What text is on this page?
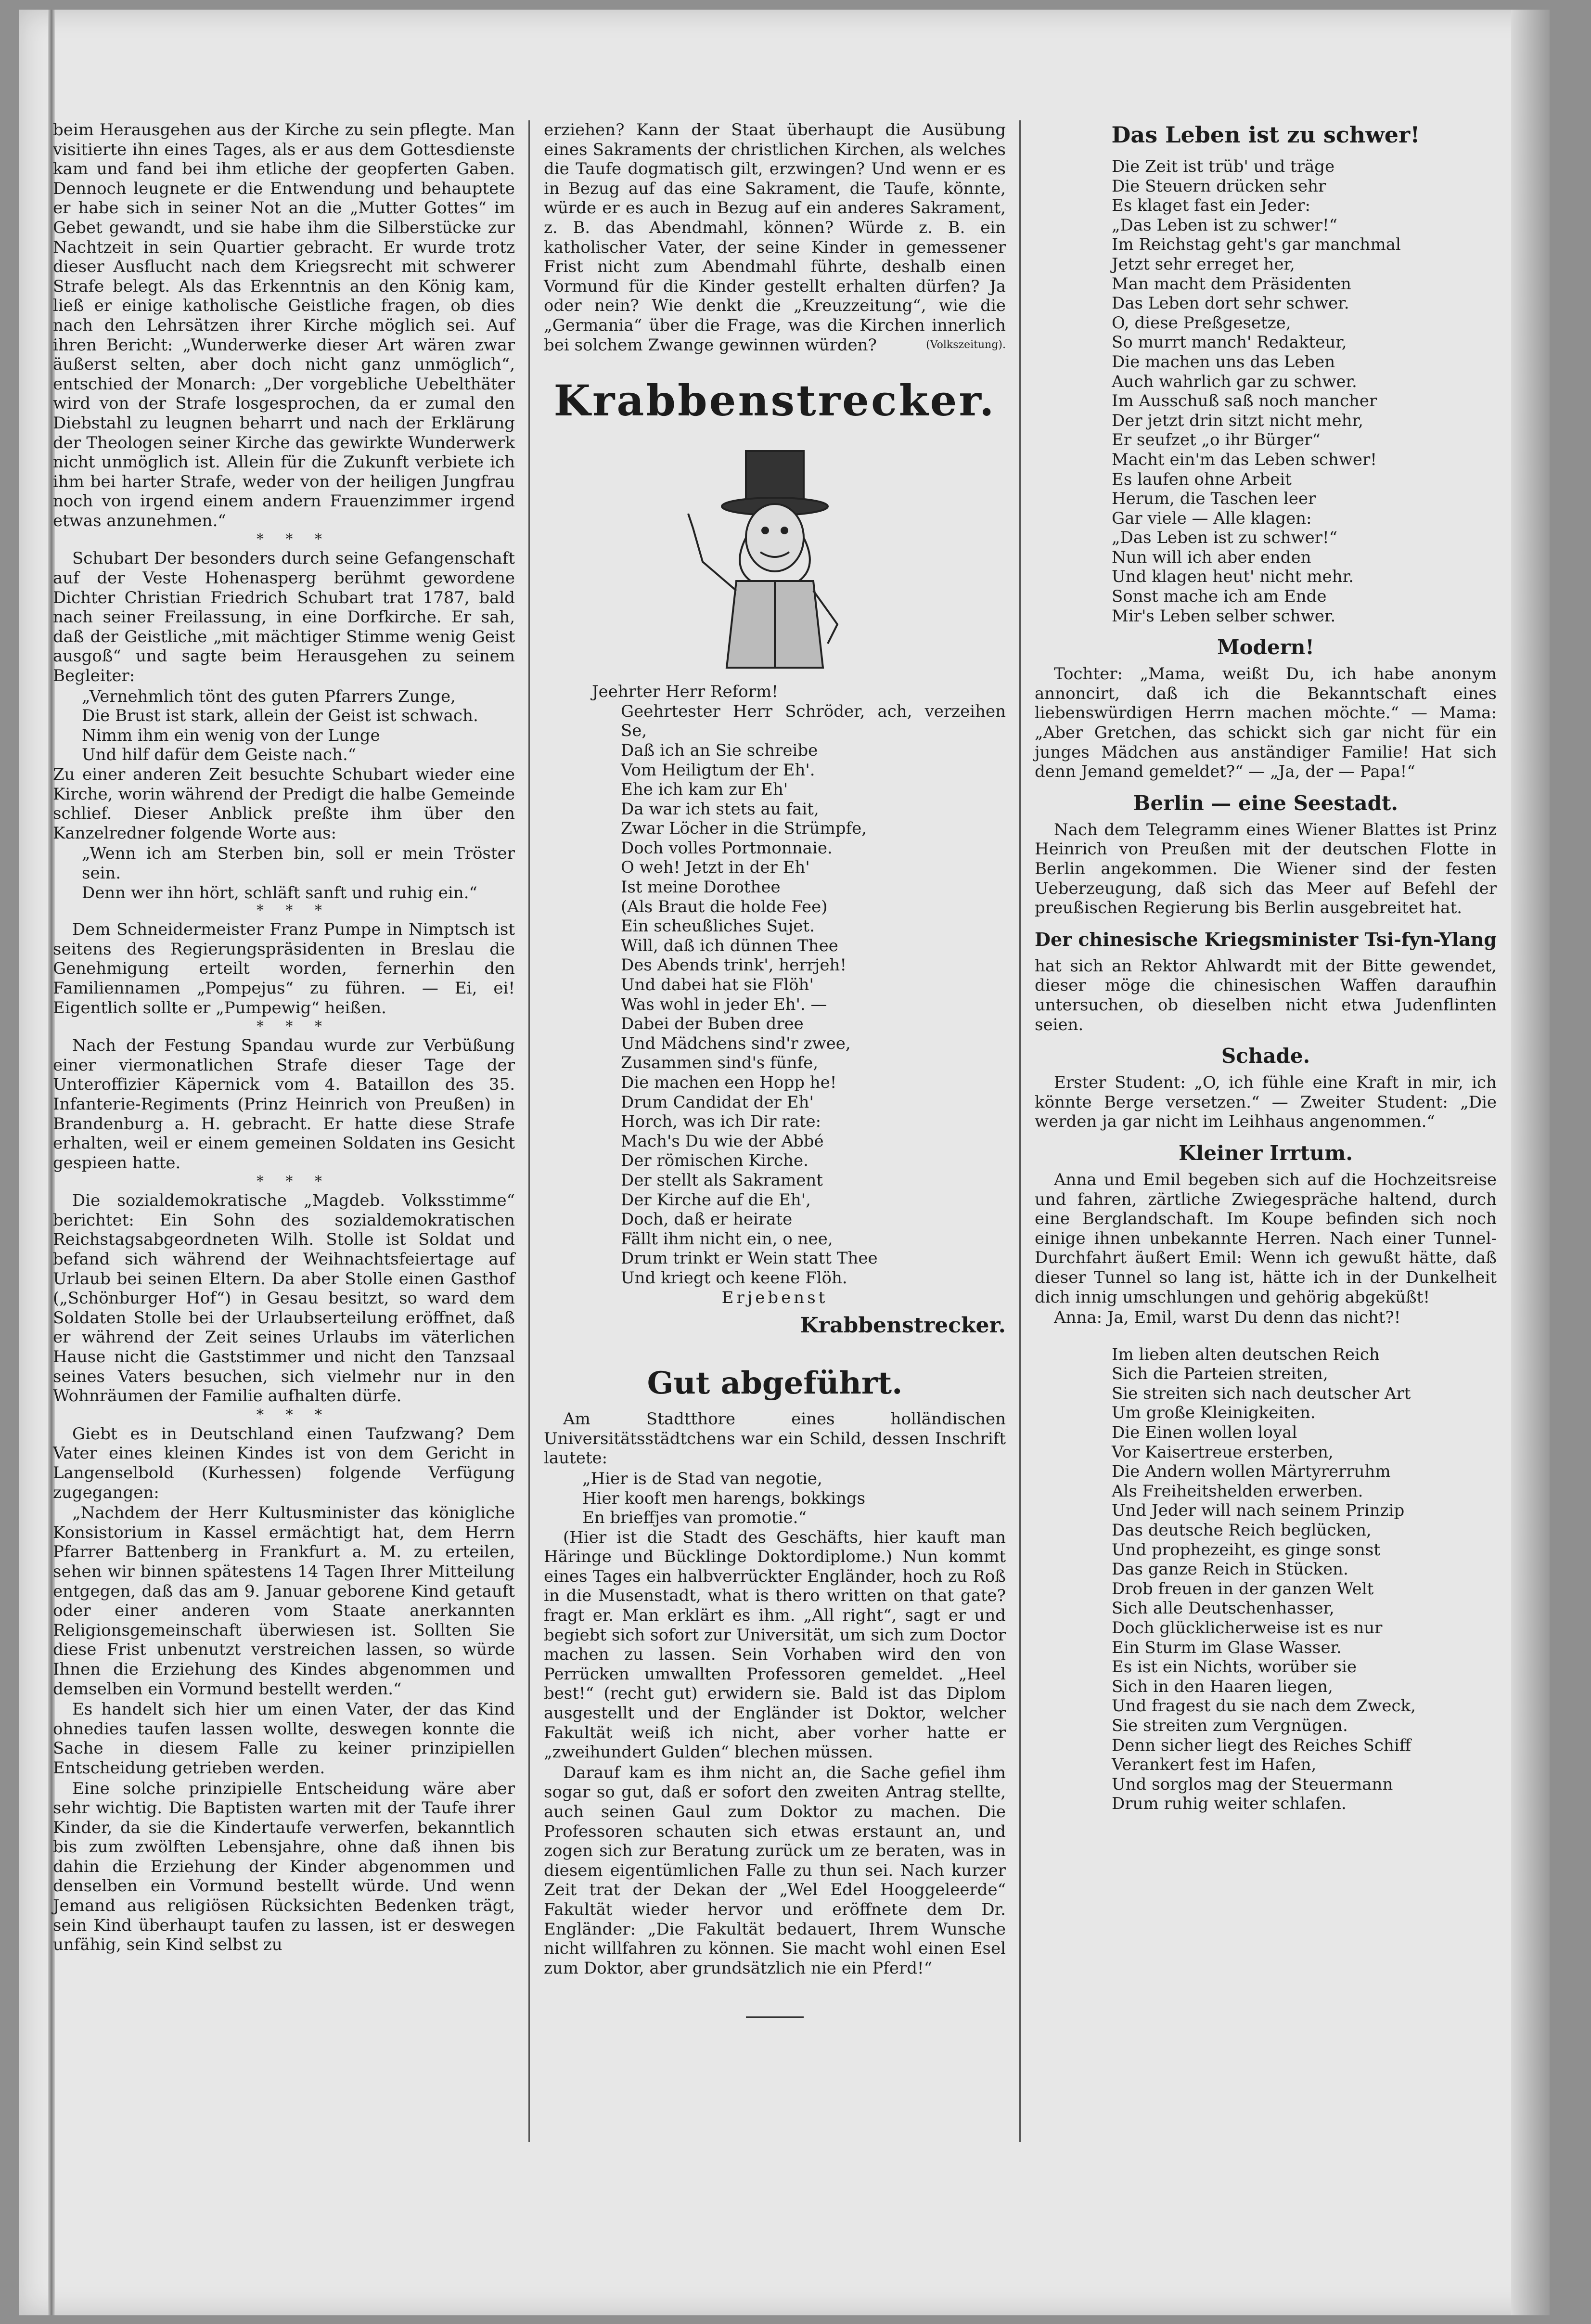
beim Herausgehen aus der Kirche zu sein pflegte. Man visitierte ihn eines Tages, als er aus dem Gottesdienste kam und fand bei ihm etliche der geopferten Gaben. Dennoch leugnete er die Entwendung und behauptete er habe sich in seiner Not an die „Mutter Gottes“ im Gebet gewandt, und sie habe ihm die Silberstücke zur Nachtzeit in sein Quartier gebracht. Er wurde trotz dieser Ausflucht nach dem Kriegsrecht mit schwerer Strafe belegt. Als das Erkenntnis an den König kam, ließ er einige katholische Geistliche fragen, ob dies nach den Lehrsätzen ihrer Kirche möglich sei. Auf ihren Bericht: „Wunderwerke dieser Art wären zwar äußerst selten, aber doch nicht ganz unmöglich“, entschied der Monarch: „Der vorgebliche Uebelthäter wird von der Strafe losgesprochen, da er zumal den Diebstahl zu leugnen beharrt und nach der Erklärung der Theologen seiner Kirche das gewirkte Wunderwerk nicht unmöglich ist. Allein für die Zukunft verbiete ich ihm bei harter Strafe, weder von der heiligen Jungfrau noch von irgend einem andern Frauenzimmer irgend etwas anzunehmen.“

* * *

Schubart Der besonders durch seine Gefangenschaft auf der Veste Hohenasperg berühmt gewordene Dichter Christian Friedrich Schubart trat 1787, bald nach seiner Freilassung, in eine Dorfkirche. Er sah, daß der Geistliche „mit mächtiger Stimme wenig Geist ausgoß“ und sagte beim Herausgehen zu seinem Begleiter:

„Vernehmlich tönt des guten Pfarrers Zunge,
Die Brust ist stark, allein der Geist ist schwach.
Nimm ihm ein wenig von der Lunge
Und hilf dafür dem Geiste nach.“

Zu einer anderen Zeit besuchte Schubart wieder eine Kirche, worin während der Predigt die halbe Gemeinde schlief. Dieser Anblick preßte ihm über den Kanzelredner folgende Worte aus:

„Wenn ich am Sterben bin, soll er mein Tröster sein.
Denn wer ihn hört, schläft sanft und ruhig ein.“

* * *

Dem Schneidermeister Franz Pumpe in Nimptsch ist seitens des Regierungspräsidenten in Breslau die Genehmigung erteilt worden, fernerhin den Familiennamen „Pompejus“ zu führen. — Ei, ei! Eigentlich sollte er „Pumpewig“ heißen.

* * *

Nach der Festung Spandau wurde zur Verbüßung einer viermonatlichen Strafe dieser Tage der Unteroffizier Käpernick vom 4. Bataillon des 35. Infanterie-Regiments (Prinz Heinrich von Preußen) in Brandenburg a. H. gebracht. Er hatte diese Strafe erhalten, weil er einem gemeinen Soldaten ins Gesicht gespieen hatte.

* * *

Die sozialdemokratische „Magdeb. Volksstimme“ berichtet: Ein Sohn des sozialdemokratischen Reichstagsabgeordneten Wilh. Stolle ist Soldat und befand sich während der Weihnachtsfeiertage auf Urlaub bei seinen Eltern. Da aber Stolle einen Gasthof („Schönburger Hof“) in Gesau besitzt, so ward dem Soldaten Stolle bei der Urlaubserteilung eröffnet, daß er während der Zeit seines Urlaubs im väterlichen Hause nicht die Gaststimmer und nicht den Tanzsaal seines Vaters besuchen, sich vielmehr nur in den Wohnräumen der Familie aufhalten dürfe.

* * *

Giebt es in Deutschland einen Taufzwang? Dem Vater eines kleinen Kindes ist von dem Gericht in Langenselbold (Kurhessen) folgende Verfügung zugegangen:

„Nachdem der Herr Kultusminister das königliche Konsistorium in Kassel ermächtigt hat, dem Herrn Pfarrer Battenberg in Frankfurt a. M. zu erteilen, sehen wir binnen spätestens 14 Tagen Ihrer Mitteilung entgegen, daß das am 9. Januar geborene Kind getauft oder einer anderen vom Staate anerkannten Religionsgemeinschaft überwiesen ist. Sollten Sie diese Frist unbenutzt verstreichen lassen, so würde Ihnen die Erziehung des Kindes abgenommen und demselben ein Vormund bestellt werden.“

Es handelt sich hier um einen Vater, der das Kind ohnedies taufen lassen wollte, deswegen konnte die Sache in diesem Falle zu keiner prinzipiellen Entscheidung getrieben werden.

Eine solche prinzipielle Entscheidung wäre aber sehr wichtig. Die Baptisten warten mit der Taufe ihrer Kinder, da sie die Kindertaufe verwerfen, bekanntlich bis zum zwölften Lebensjahre, ohne daß ihnen bis dahin die Erziehung der Kinder abgenommen und denselben ein Vormund bestellt würde. Und wenn Jemand aus religiösen Rücksichten Bedenken trägt, sein Kind überhaupt taufen zu lassen, ist er deswegen unfähig, sein Kind selbst zu

erziehen? Kann der Staat überhaupt die Ausübung eines Sakraments der christlichen Kirchen, als welches die Taufe dogmatisch gilt, erzwingen? Und wenn er es in Bezug auf das eine Sakrament, die Taufe, könnte, würde er es auch in Bezug auf ein anderes Sakrament, z. B. das Abendmahl, können? Würde z. B. ein katholischer Vater, der seine Kinder in gemessener Frist nicht zum Abendmahl führte, deshalb einen Vormund für die Kinder gestellt erhalten dürfen? Ja oder nein? Wie denkt die „Kreuzzeitung“, wie die „Germania“ über die Frage, was die Kirchen innerlich bei solchem Zwange gewinnen würden?	(Volkszeitung).

Krabbenstrecker.
Jeehrter Herr Reform!
Geehrtester Herr Schröder, ach, verzeihen Se,
Daß ich an Sie schreibe
Vom Heiligtum der Eh'.
Ehe ich kam zur Eh'
Da war ich stets au fait,
Zwar Löcher in die Strümpfe,
Doch volles Portmonnaie.
O weh! Jetzt in der Eh'
Ist meine Dorothee
(Als Braut die holde Fee)
Ein scheußliches Sujet.
Will, daß ich dünnen Thee
Des Abends trink', herrjeh!
Und dabei hat sie Flöh'
Was wohl in jeder Eh'. —
Dabei der Buben dree
Und Mädchens sind'r zwee,
Zusammen sind's fünfe,
Die machen een Hopp he!
Drum Candidat der Eh'
Horch, was ich Dir rate:
Mach's Du wie der Abbé
Der römischen Kirche.
Der stellt als Sakrament
Der Kirche auf die Eh',
Doch, daß er heirate
Fällt ihm nicht ein, o nee,
Drum trinkt er Wein statt Thee
Und kriegt och keene Flöh.
Erjebenst
Krabbenstrecker.
Gut abgeführt.

Am Stadtthore eines holländischen Universitätsstädtchens war ein Schild, dessen Inschrift lautete:

„Hier is de Stad van negotie,
Hier kooft men harengs, bokkings
En brieffjes van promotie.“

(Hier ist die Stadt des Geschäfts, hier kauft man Häringe und Bücklinge Doktordiplome.) Nun kommt eines Tages ein halbverrückter Engländer, hoch zu Roß in die Musenstadt, what is thero written on that gate? fragt er. Man erklärt es ihm. „All right“, sagt er und begiebt sich sofort zur Universität, um sich zum Doctor machen zu lassen. Sein Vorhaben wird den von Perrücken umwallten Professoren gemeldet. „Heel best!“ (recht gut) erwidern sie. Bald ist das Diplom ausgestellt und der Engländer ist Doktor, welcher Fakultät weiß ich nicht, aber vorher hatte er „zweihundert Gulden“ blechen müssen.

Darauf kam es ihm nicht an, die Sache gefiel ihm sogar so gut, daß er sofort den zweiten Antrag stellte, auch seinen Gaul zum Doktor zu machen. Die Professoren schauten sich etwas erstaunt an, und zogen sich zur Beratung zurück um ze beraten, was in diesem eigentümlichen Falle zu thun sei. Nach kurzer Zeit trat der Dekan der „Wel Edel Hooggeleerde“ Fakultät wieder hervor und eröffnete dem Dr. Engländer: „Die Fakultät bedauert, Ihrem Wunsche nicht willfahren zu können. Sie macht wohl einen Esel zum Doktor, aber grundsätzlich nie ein Pferd!“

Das Leben ist zu schwer!
Die Zeit ist trüb' und träge
Die Steuern drücken sehr
Es klaget fast ein Jeder:
„Das Leben ist zu schwer!“
Im Reichstag geht's gar manchmal
Jetzt sehr erreget her,
Man macht dem Präsidenten
Das Leben dort sehr schwer.
O, diese Preßgesetze,
So murrt manch' Redakteur,
Die machen uns das Leben
Auch wahrlich gar zu schwer.
Im Ausschuß saß noch mancher
Der jetzt drin sitzt nicht mehr,
Er seufzet „o ihr Bürger“
Macht ein'm das Leben schwer!
Es laufen ohne Arbeit
Herum, die Taschen leer
Gar viele — Alle klagen:
„Das Leben ist zu schwer!“
Nun will ich aber enden
Und klagen heut' nicht mehr.
Sonst mache ich am Ende
Mir's Leben selber schwer.
Modern!

Tochter: „Mama, weißt Du, ich habe anonym annoncirt, daß ich die Bekanntschaft eines liebenswürdigen Herrn machen möchte.“ — Mama: „Aber Gretchen, das schickt sich gar nicht für ein junges Mädchen aus anständiger Familie! Hat sich denn Jemand gemeldet?“ — „Ja, der — Papa!“

Berlin — eine Seestadt.

Nach dem Telegramm eines Wiener Blattes ist Prinz Heinrich von Preußen mit der deutschen Flotte in Berlin angekommen. Die Wiener sind der festen Ueberzeugung, daß sich das Meer auf Befehl der preußischen Regierung bis Berlin ausgebreitet hat.

Der chinesische Kriegsminister Tsi-fyn-Ylang

hat sich an Rektor Ahlwardt mit der Bitte gewendet, dieser möge die chinesischen Waffen daraufhin untersuchen, ob dieselben nicht etwa Judenflinten seien.

Schade.

Erster Student: „O, ich fühle eine Kraft in mir, ich könnte Berge versetzen.“ — Zweiter Student: „Die werden ja gar nicht im Leihhaus angenommen.“

Kleiner Irrtum.

Anna und Emil begeben sich auf die Hochzeitsreise und fahren, zärtliche Zwiegespräche haltend, durch eine Berglandschaft. Im Koupe befinden sich noch einige ihnen unbekannte Herren. Nach einer Tunnel-Durchfahrt äußert Emil: Wenn ich gewußt hätte, daß dieser Tunnel so lang ist, hätte ich in der Dunkelheit dich innig umschlungen und gehörig abgeküßt!

Anna: Ja, Emil, warst Du denn das nicht?!

Im lieben alten deutschen Reich
Sich die Parteien streiten,
Sie streiten sich nach deutscher Art
Um große Kleinigkeiten.
Die Einen wollen loyal
Vor Kaisertreue ersterben,
Die Andern wollen Märtyrerruhm
Als Freiheitshelden erwerben.
Und Jeder will nach seinem Prinzip
Das deutsche Reich beglücken,
Und prophezeiht, es ginge sonst
Das ganze Reich in Stücken.
Drob freuen in der ganzen Welt
Sich alle Deutschenhasser,
Doch glücklicherweise ist es nur
Ein Sturm im Glase Wasser.
Es ist ein Nichts, worüber sie
Sich in den Haaren liegen,
Und fragest du sie nach dem Zweck,
Sie streiten zum Vergnügen.
Denn sicher liegt des Reiches Schiff
Verankert fest im Hafen,
Und sorglos mag der Steuermann
Drum ruhig weiter schlafen.
